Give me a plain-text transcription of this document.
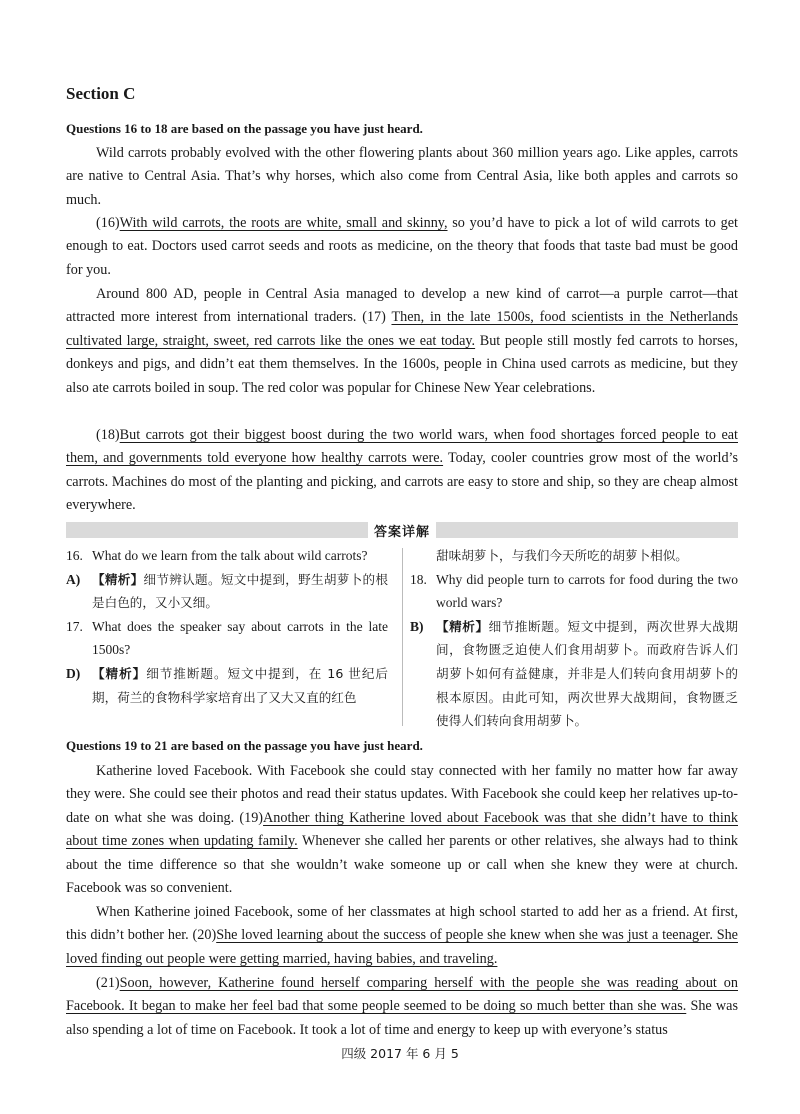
Section C
Questions 16 to 18 are based on the passage you have just heard.

Wild carrots probably evolved with the other flowering plants about 360 million years ago. Like apples, carrots are native to Central Asia. That’s why horses, which also come from Central Asia, like both apples and carrots so much.

(16)With wild carrots, the roots are white, small and skinny, so you’d have to pick a lot of wild carrots to get enough to eat. Doctors used carrot seeds and roots as medicine, on the theory that foods that taste bad must be good for you.

Around 800 AD, people in Central Asia managed to develop a new kind of carrot—a purple carrot—that attracted more interest from international traders. (17) Then, in the late 1500s, food scientists in the Netherlands cultivated large, straight, sweet, red carrots like the ones we eat today. But people still mostly fed carrots to horses, donkeys and pigs, and didn’t eat them themselves. In the 1600s, people in China used carrots as medicine, but they also ate carrots boiled in soup. The red color was popular for Chinese New Year celebrations.

(18)But carrots got their biggest boost during the two world wars, when food shortages forced people to eat them, and governments told everyone how healthy carrots were. Today, cooler countries grow most of the world’s carrots. Machines do most of the planting and picking, and carrots are easy to store and ship, so they are cheap almost everywhere.

答案详解
16. What do we learn from the talk about wild carrots?
A) 【精析】细节辨认题。短文中提到，野生胡萝卜的根是白色的，又小又细。
17. What does the speaker say about carrots in the late 1500s?
D) 【精析】细节推断题。短文中提到，在 16 世纪后期，荷兰的食物科学家培育出了又大又直的红色
甜味胡萝卜，与我们今天所吃的胡萝卜相似。
18. Why did people turn to carrots for food during the two world wars?
B) 【精析】细节推断题。短文中提到，两次世界大战期间，食物匮乏迫使人们食用胡萝卜。而政府告诉人们胡萝卜如何有益健康，并非是人们转向食用胡萝卜的根本原因。由此可知，两次世界大战期间，食物匮乏使得人们转向食用胡萝卜。
Questions 19 to 21 are based on the passage you have just heard.

Katherine loved Facebook. With Facebook she could stay connected with her family no matter how far away they were. She could see their photos and read their status updates. With Facebook she could keep her relatives up-to-date on what she was doing. (19)Another thing Katherine loved about Facebook was that she didn’t have to think about time zones when updating family. Whenever she called her parents or other relatives, she always had to think about the time difference so that she wouldn’t wake someone up or call when she knew they were at church. Facebook was so convenient.

When Katherine joined Facebook, some of her classmates at high school started to add her as a friend. At first, this didn’t bother her. (20)She loved learning about the success of people she knew when she was just a teenager. She loved finding out people were getting married, having babies, and traveling.

(21)Soon, however, Katherine found herself comparing herself with the people she was reading about on Facebook. It began to make her feel bad that some people seemed to be doing so much better than she was. She was also spending a lot of time on Facebook. It took a lot of time and energy to keep up with everyone’s status

四级 2017 年 6 月 5
